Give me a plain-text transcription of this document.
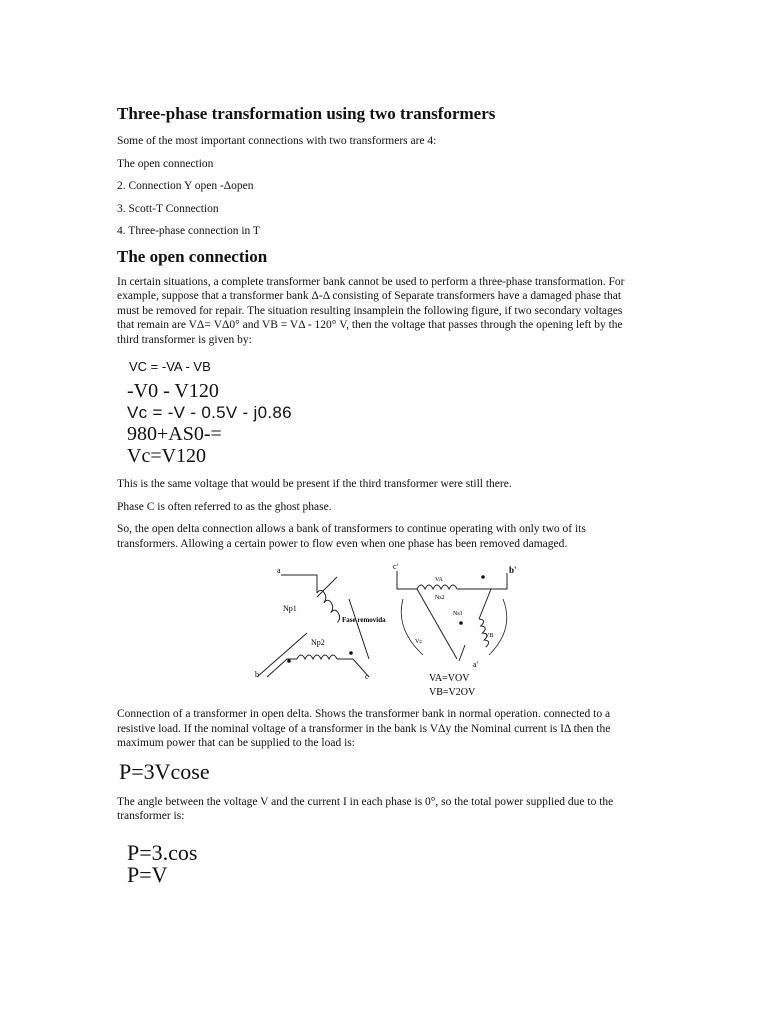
Three-phase transformation using two transformers

Some of the most important connections with two transformers are 4:

The open connection
2. Connection Y open -Δopen
3. Scott-T Connection
4. Three-phase connection in T
The open connection

In certain situations, a complete transformer bank cannot be used to perform a three-phase transformation. For example, suppose that a transformer bank Δ-Δ consisting of Separate transformers have a damaged phase that must be removed for repair. The situation resulting insamplein the following figure, if two secondary voltages that remain are VΔ= VΔ0° and VB = VΔ - 120° V, then the voltage that passes through the opening left by the third transformer is given by:

VC = -VA - VB
-V0 - V120
Vc = -V - 0.5V - j0.86
980+AS0-=
Vc=V120

This is the same voltage that would be present if the third transformer were still there.

Phase C is often referred to as the ghost phase.

So, the open delta connection allows a bank of transformers to continue operating with only two of its transformers. Allowing a certain power to flow even when one phase has been removed damaged.

a
b	c
Np1
Np2
Fase removida
c'	b'
a'
VA
Ns2
Ns1
VB
Vc
VA=VOV
VB=V2OV

Connection of a transformer in open delta. Shows the transformer bank in normal operation. connected to a resistive load. If the nominal voltage of a transformer in the bank is VΔy the Nominal current is IΔ then the maximum power that can be supplied to the load is:

P=3Vcose

The angle between the voltage V and the current I in each phase is 0°, so the total power supplied due to the transformer is:

P=3.cos
P=V
